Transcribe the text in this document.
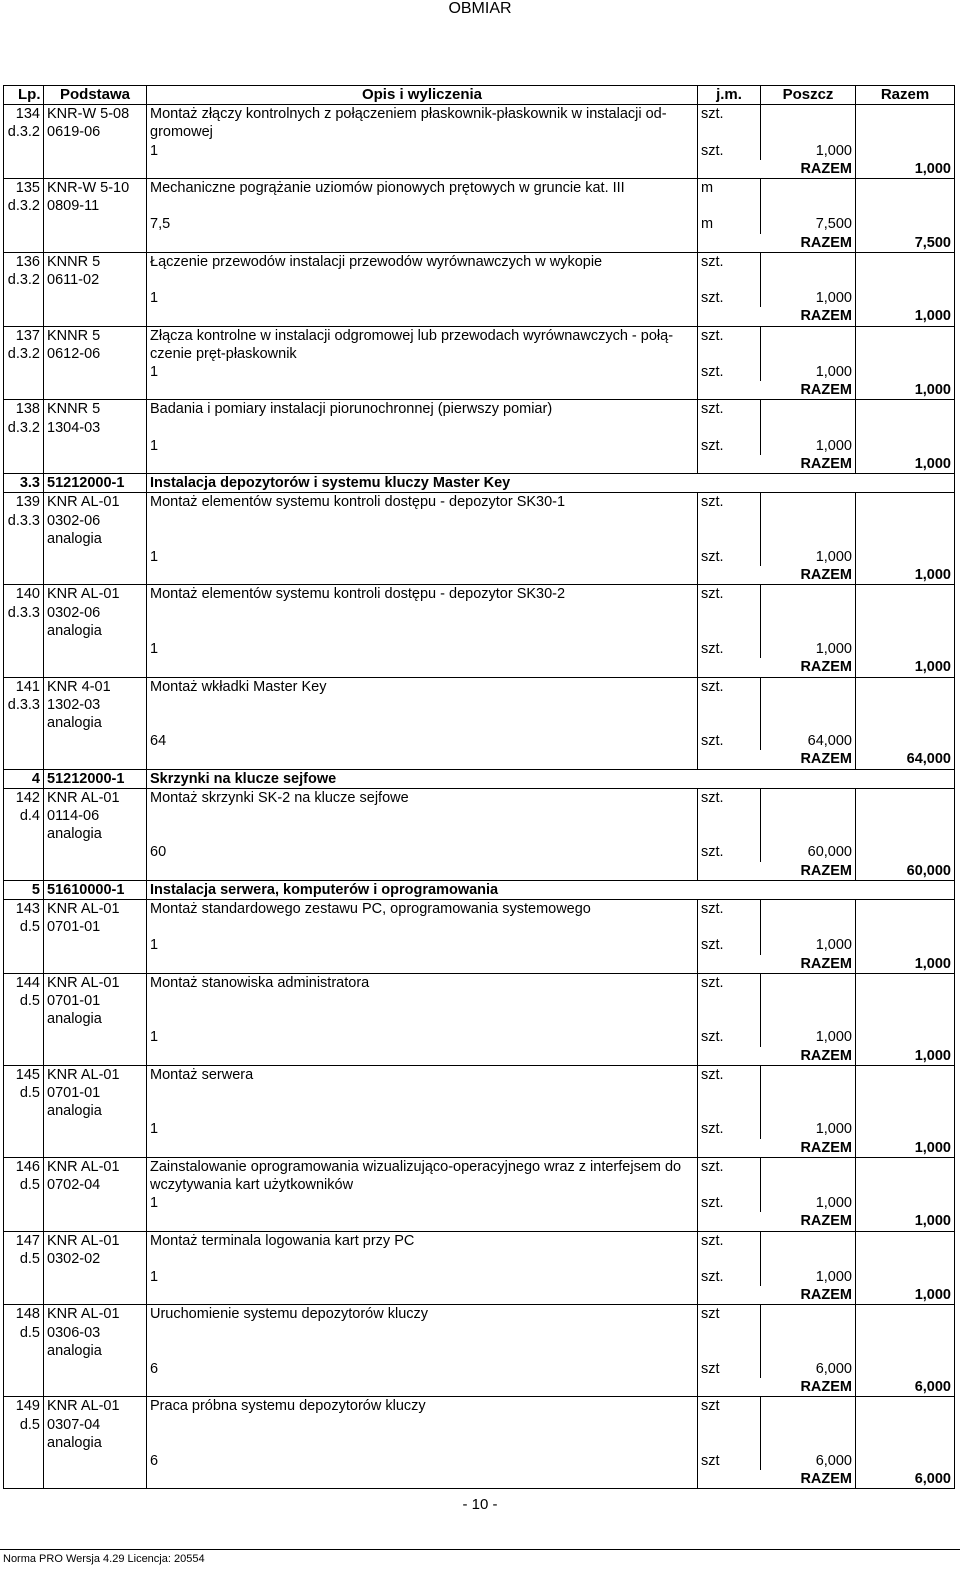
OBMIAR
Lp.	Podstawa	Opis i wyliczenia	j.m.	Poszcz	Razem
134	KNR-W 5-08	Montaż złączy kontrolnych z połączeniem płaskownik-płaskownik w instalacji od-gromowej	szt.		
d.3.2	0619-06				
		1	szt.	1,000	
			RAZEM		1,000
135	KNR-W 5-10	Mechaniczne pogrążanie uziomów pionowych prętowych w gruncie kat. III	m		
d.3.2	0809-11				
		7,5	m	7,500	
			RAZEM		7,500
136	KNNR 5	Łączenie przewodów instalacji przewodów wyrównawczych w wykopie	szt.		
d.3.2	0611-02				
		1	szt.	1,000	
			RAZEM		1,000
137	KNNR 5	Złącza kontrolne w instalacji odgromowej lub przewodach wyrównawczych - połą-czenie pręt-płaskownik	szt.		
d.3.2	0612-06				
		1	szt.	1,000	
			RAZEM		1,000
138	KNNR 5	Badania i pomiary instalacji piorunochronnej (pierwszy pomiar)	szt.		
d.3.2	1304-03				
		1	szt.	1,000	
			RAZEM		1,000
3.3	51212000-1	Instalacja depozytorów i systemu kluczy Master Key			
139	KNR AL-01	Montaż elementów systemu kontroli dostępu - depozytor SK30-1	szt.		
d.3.3	0302-06				
	analogia				
		1	szt.	1,000	
			RAZEM		1,000
140	KNR AL-01	Montaż elementów systemu kontroli dostępu - depozytor SK30-2	szt.		
d.3.3	0302-06				
	analogia				
		1	szt.	1,000	
			RAZEM		1,000
141	KNR 4-01	Montaż wkładki Master Key	szt.		
d.3.3	1302-03				
	analogia				
		64	szt.	64,000	
			RAZEM		64,000
4	51212000-1	Skrzynki na klucze sejfowe			
142	KNR AL-01	Montaż skrzynki SK-2 na klucze sejfowe	szt.		
d.4	0114-06				
	analogia				
		60	szt.	60,000	
			RAZEM		60,000
5	51610000-1	Instalacja serwera, komputerów i oprogramowania			
143	KNR AL-01	Montaż standardowego zestawu PC, oprogramowania systemowego	szt.		
d.5	0701-01				
		1	szt.	1,000	
			RAZEM		1,000
144	KNR AL-01	Montaż stanowiska administratora	szt.		
d.5	0701-01				
	analogia				
		1	szt.	1,000	
			RAZEM		1,000
145	KNR AL-01	Montaż serwera	szt.		
d.5	0701-01				
	analogia				
		1	szt.	1,000	
			RAZEM		1,000
146	KNR AL-01	Zainstalowanie oprogramowania wizualizująco-operacyjnego wraz z interfejsem do wczytywania kart użytkowników	szt.		
d.5	0702-04				
		1	szt.	1,000	
			RAZEM		1,000
147	KNR AL-01	Montaż terminala logowania kart przy PC	szt.		
d.5	0302-02				
		1	szt.	1,000	
			RAZEM		1,000
148	KNR AL-01	Uruchomienie systemu depozytorów kluczy	szt		
d.5	0306-03				
	analogia				
		6	szt	6,000	
			RAZEM		6,000
149	KNR AL-01	Praca próbna systemu depozytorów kluczy	szt		
d.5	0307-04				
	analogia				
		6	szt	6,000	
			RAZEM		6,000
- 10 -
Norma PRO Wersja 4.29 Licencja: 20554
